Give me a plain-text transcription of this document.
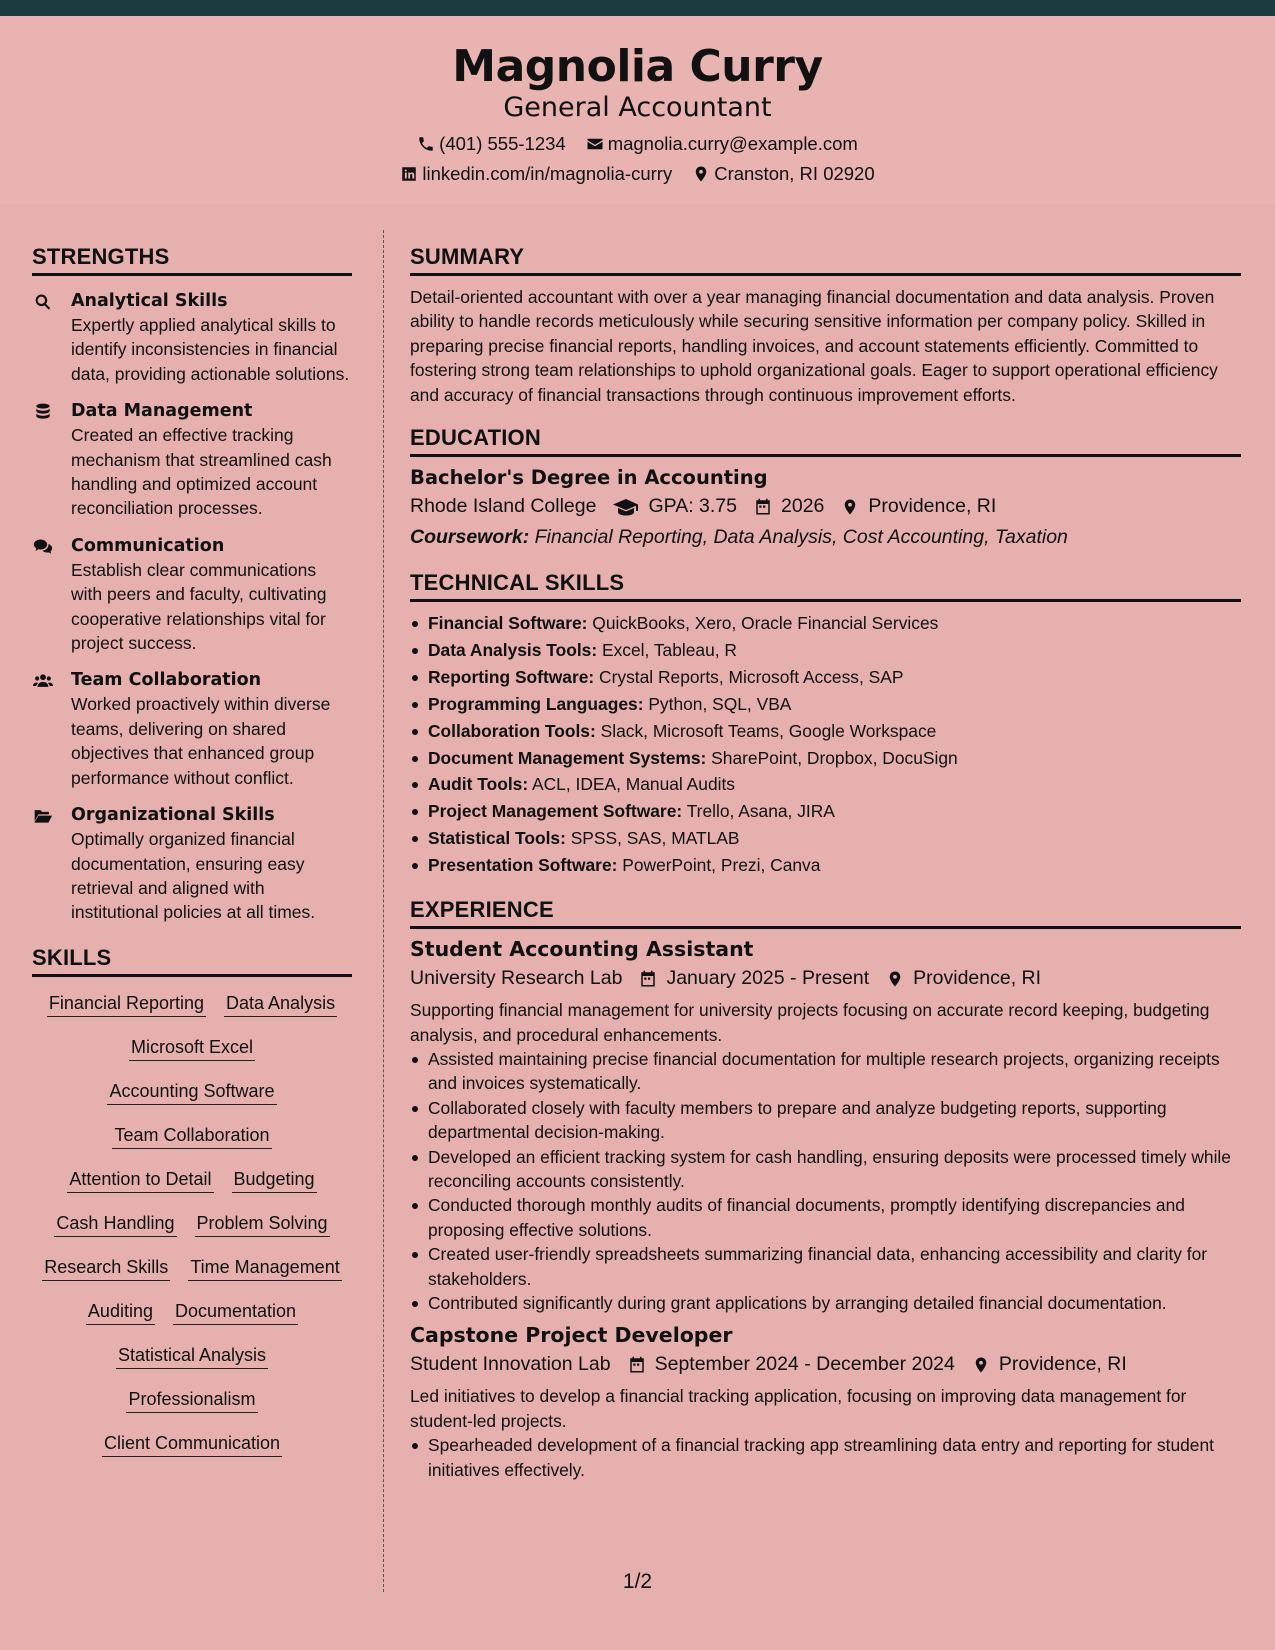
Magnolia Curry
General Accountant
(401) 555-1234 magnolia.curry@example.com
linkedin.com/in/magnolia-curry Cranston, RI 02920
STRENGTHS
Analytical Skills
Expertly applied analytical skills to identify inconsistencies in financial data, providing actionable solutions.
Data Management
Created an effective tracking mechanism that streamlined cash handling and optimized account reconciliation processes.
Communication
Establish clear communications with peers and faculty, cultivating cooperative relationships vital for project success.
Team Collaboration
Worked proactively within diverse teams, delivering on shared objectives that enhanced group performance without conflict.
Organizational Skills
Optimally organized financial documentation, ensuring easy retrieval and aligned with institutional policies at all times.
SKILLS
Financial Reporting Data Analysis
Microsoft Excel
Accounting Software
Team Collaboration
Attention to Detail Budgeting
Cash Handling Problem Solving
Research Skills Time Management
Auditing Documentation
Statistical Analysis
Professionalism
Client Communication
SUMMARY
Detail-oriented accountant with over a year managing financial documentation and data analysis. Proven ability to handle records meticulously while securing sensitive information per company policy. Skilled in preparing precise financial reports, handling invoices, and account statements efficiently. Committed to fostering strong team relationships to uphold organizational goals. Eager to support operational efficiency and accuracy of financial transactions through continuous improvement efforts.
EDUCATION
Bachelor's Degree in Accounting
Rhode Island College	GPA: 3.75 2026 Providence, RI
Coursework: Financial Reporting, Data Analysis, Cost Accounting, Taxation
TECHNICAL SKILLS
Financial Software: QuickBooks, Xero, Oracle Financial Services
Data Analysis Tools: Excel, Tableau, R
Reporting Software: Crystal Reports, Microsoft Access, SAP
Programming Languages: Python, SQL, VBA
Collaboration Tools: Slack, Microsoft Teams, Google Workspace
Document Management Systems: SharePoint, Dropbox, DocuSign
Audit Tools: ACL, IDEA, Manual Audits
Project Management Software: Trello, Asana, JIRA
Statistical Tools: SPSS, SAS, MATLAB
Presentation Software: PowerPoint, Prezi, Canva
EXPERIENCE
Student Accounting Assistant
University Research Lab January 2025 - Present Providence, RI
Supporting financial management for university projects focusing on accurate record keeping, budgeting analysis, and procedural enhancements.
Assisted maintaining precise financial documentation for multiple research projects, organizing receipts and invoices systematically.
Collaborated closely with faculty members to prepare and analyze budgeting reports, supporting departmental decision-making.
Developed an efficient tracking system for cash handling, ensuring deposits were processed timely while reconciling accounts consistently.
Conducted thorough monthly audits of financial documents, promptly identifying discrepancies and proposing effective solutions.
Created user-friendly spreadsheets summarizing financial data, enhancing accessibility and clarity for stakeholders.
Contributed significantly during grant applications by arranging detailed financial documentation.
Capstone Project Developer
Student Innovation Lab September 2024 - December 2024 Providence, RI
Led initiatives to develop a financial tracking application, focusing on improving data management for student-led projects.
Spearheaded development of a financial tracking app streamlining data entry and reporting for student initiatives effectively.
1/2
